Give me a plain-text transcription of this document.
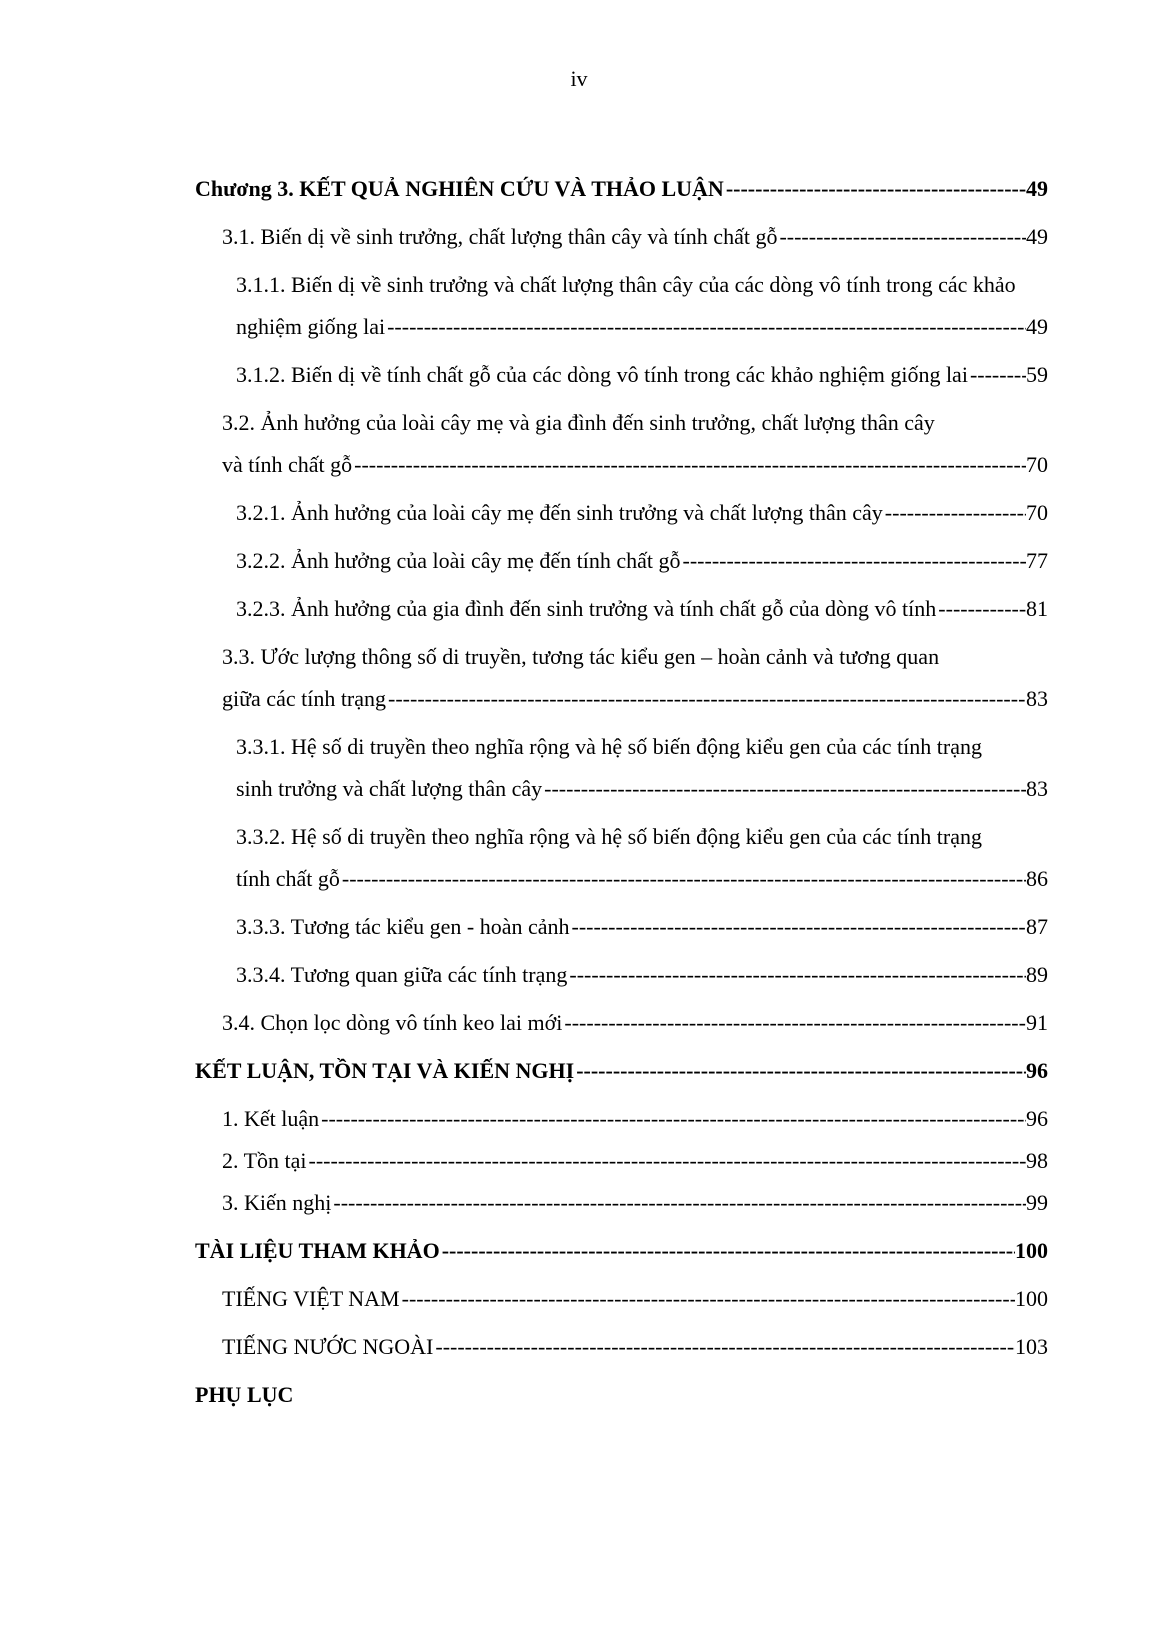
iv
Chương 3. KẾT QUẢ NGHIÊN CỨU VÀ THẢO LUẬN -----	49
3.1. Biến dị về sinh trưởng, chất lượng thân cây và tính chất gỗ -----	49
3.1.1. Biến dị về sinh trưởng và chất lượng thân cây của các dòng vô tính trong các khảo
nghiệm giống lai -----	49
3.1.2. Biến dị về tính chất gỗ của các dòng vô tính trong các khảo nghiệm giống lai -----	59
3.2. Ảnh hưởng của loài cây mẹ và gia đình đến sinh trưởng, chất lượng thân cây
và tính chất gỗ -----	70
3.2.1. Ảnh hưởng của loài cây mẹ đến sinh trưởng và chất lượng thân cây -----	70
3.2.2. Ảnh hưởng của loài cây mẹ đến tính chất gỗ -----	77
3.2.3. Ảnh hưởng của gia đình đến sinh trưởng và tính chất gỗ của dòng vô tính -----	81
3.3. Ước lượng thông số di truyền, tương tác kiểu gen – hoàn cảnh và tương quan
giữa các tính trạng -----	83
3.3.1. Hệ số di truyền theo nghĩa rộng và hệ số biến động kiểu gen của các tính trạng
sinh trưởng và chất lượng thân cây -----	83
3.3.2. Hệ số di truyền theo nghĩa rộng và hệ số biến động kiểu gen của các tính trạng
tính chất gỗ -----	86
3.3.3. Tương tác kiểu gen - hoàn cảnh -----	87
3.3.4. Tương quan giữa các tính trạng -----	89
3.4. Chọn lọc dòng vô tính keo lai mới -----	91
KẾT LUẬN, TỒN TẠI VÀ KIẾN NGHỊ -----	96
1. Kết luận -----	96
2. Tồn tại -----	98
3. Kiến nghị -----	99
TÀI LIỆU THAM KHẢO -----	100
TIẾNG VIỆT NAM -----	100
TIẾNG NƯỚC NGOÀI -----	103
PHỤ LỤC
